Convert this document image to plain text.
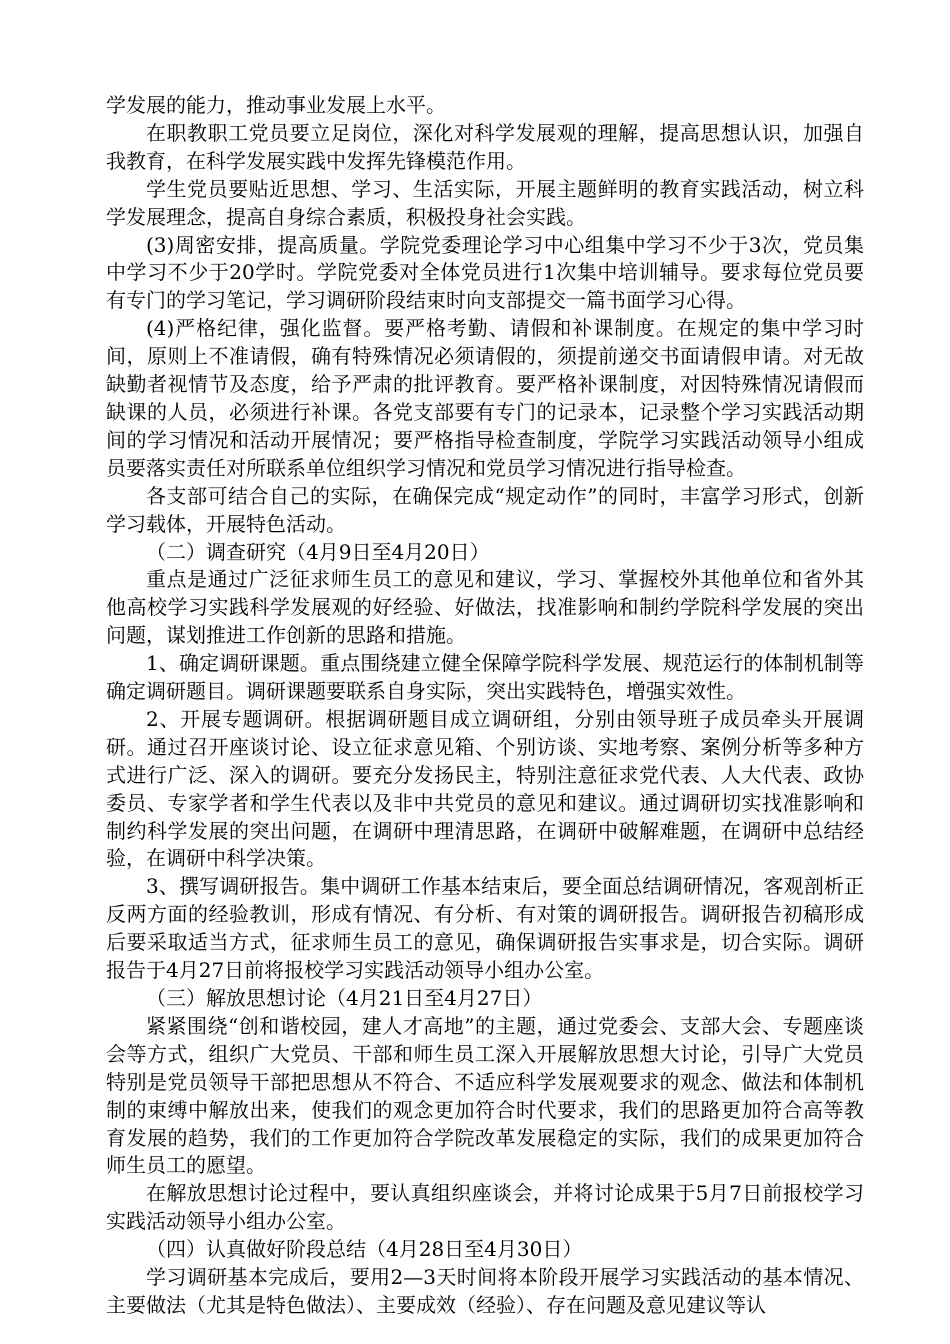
学发展的能力，推动事业发展上水平。

在职教职工党员要立足岗位，深化对科学发展观的理解，提高思想认识，加强自我教育，在科学发展实践中发挥先锋模范作用。

学生党员要贴近思想、学习、生活实际，开展主题鲜明的教育实践活动，树立科学发展理念，提高自身综合素质，积极投身社会实践。

(3)周密安排，提高质量。学院党委理论学习中心组集中学习不少于3次，党员集中学习不少于20学时。学院党委对全体党员进行1次集中培训辅导。要求每位党员要有专门的学习笔记，学习调研阶段结束时向支部提交一篇书面学习心得。

(4)严格纪律，强化监督。要严格考勤、请假和补课制度。在规定的集中学习时间，原则上不准请假，确有特殊情况必须请假的，须提前递交书面请假申请。对无故缺勤者视情节及态度，给予严肃的批评教育。要严格补课制度，对因特殊情况请假而缺课的人员，必须进行补课。各党支部要有专门的记录本，记录整个学习实践活动期间的学习情况和活动开展情况；要严格指导检查制度，学院学习实践活动领导小组成员要落实责任对所联系单位组织学习情况和党员学习情况进行指导检查。

各支部可结合自己的实际，在确保完成“规定动作”的同时，丰富学习形式，创新学习载体，开展特色活动。

（二）调查研究（4月9日至4月20日）

重点是通过广泛征求师生员工的意见和建议，学习、掌握校外其他单位和省外其他高校学习实践科学发展观的好经验、好做法，找准影响和制约学院科学发展的突出问题，谋划推进工作创新的思路和措施。

1、确定调研课题。重点围绕建立健全保障学院科学发展、规范运行的体制机制等确定调研题目。调研课题要联系自身实际，突出实践特色，增强实效性。

2、开展专题调研。根据调研题目成立调研组，分别由领导班子成员牵头开展调研。通过召开座谈讨论、设立征求意见箱、个别访谈、实地考察、案例分析等多种方式进行广泛、深入的调研。要充分发扬民主，特别注意征求党代表、人大代表、政协委员、专家学者和学生代表以及非中共党员的意见和建议。通过调研切实找准影响和制约科学发展的突出问题，在调研中理清思路，在调研中破解难题，在调研中总结经验，在调研中科学决策。

3、撰写调研报告。集中调研工作基本结束后，要全面总结调研情况，客观剖析正反两方面的经验教训，形成有情况、有分析、有对策的调研报告。调研报告初稿形成后要采取适当方式，征求师生员工的意见，确保调研报告实事求是，切合实际。调研报告于4月27日前将报校学习实践活动领导小组办公室。

（三）解放思想讨论（4月21日至4月27日）

紧紧围绕“创和谐校园，建人才高地”的主题，通过党委会、支部大会、专题座谈会等方式，组织广大党员、干部和师生员工深入开展解放思想大讨论，引导广大党员特别是党员领导干部把思想从不符合、不适应科学发展观要求的观念、做法和体制机制的束缚中解放出来，使我们的观念更加符合时代要求，我们的思路更加符合高等教育发展的趋势，我们的工作更加符合学院改革发展稳定的实际，我们的成果更加符合师生员工的愿望。

在解放思想讨论过程中，要认真组织座谈会，并将讨论成果于5月7日前报校学习实践活动领导小组办公室。

（四）认真做好阶段总结（4月28日至4月30日）

学习调研基本完成后，要用2—3天时间将本阶段开展学习实践活动的基本情况、主要做法（尤其是特色做法）、主要成效（经验）、存在问题及意见建议等认
